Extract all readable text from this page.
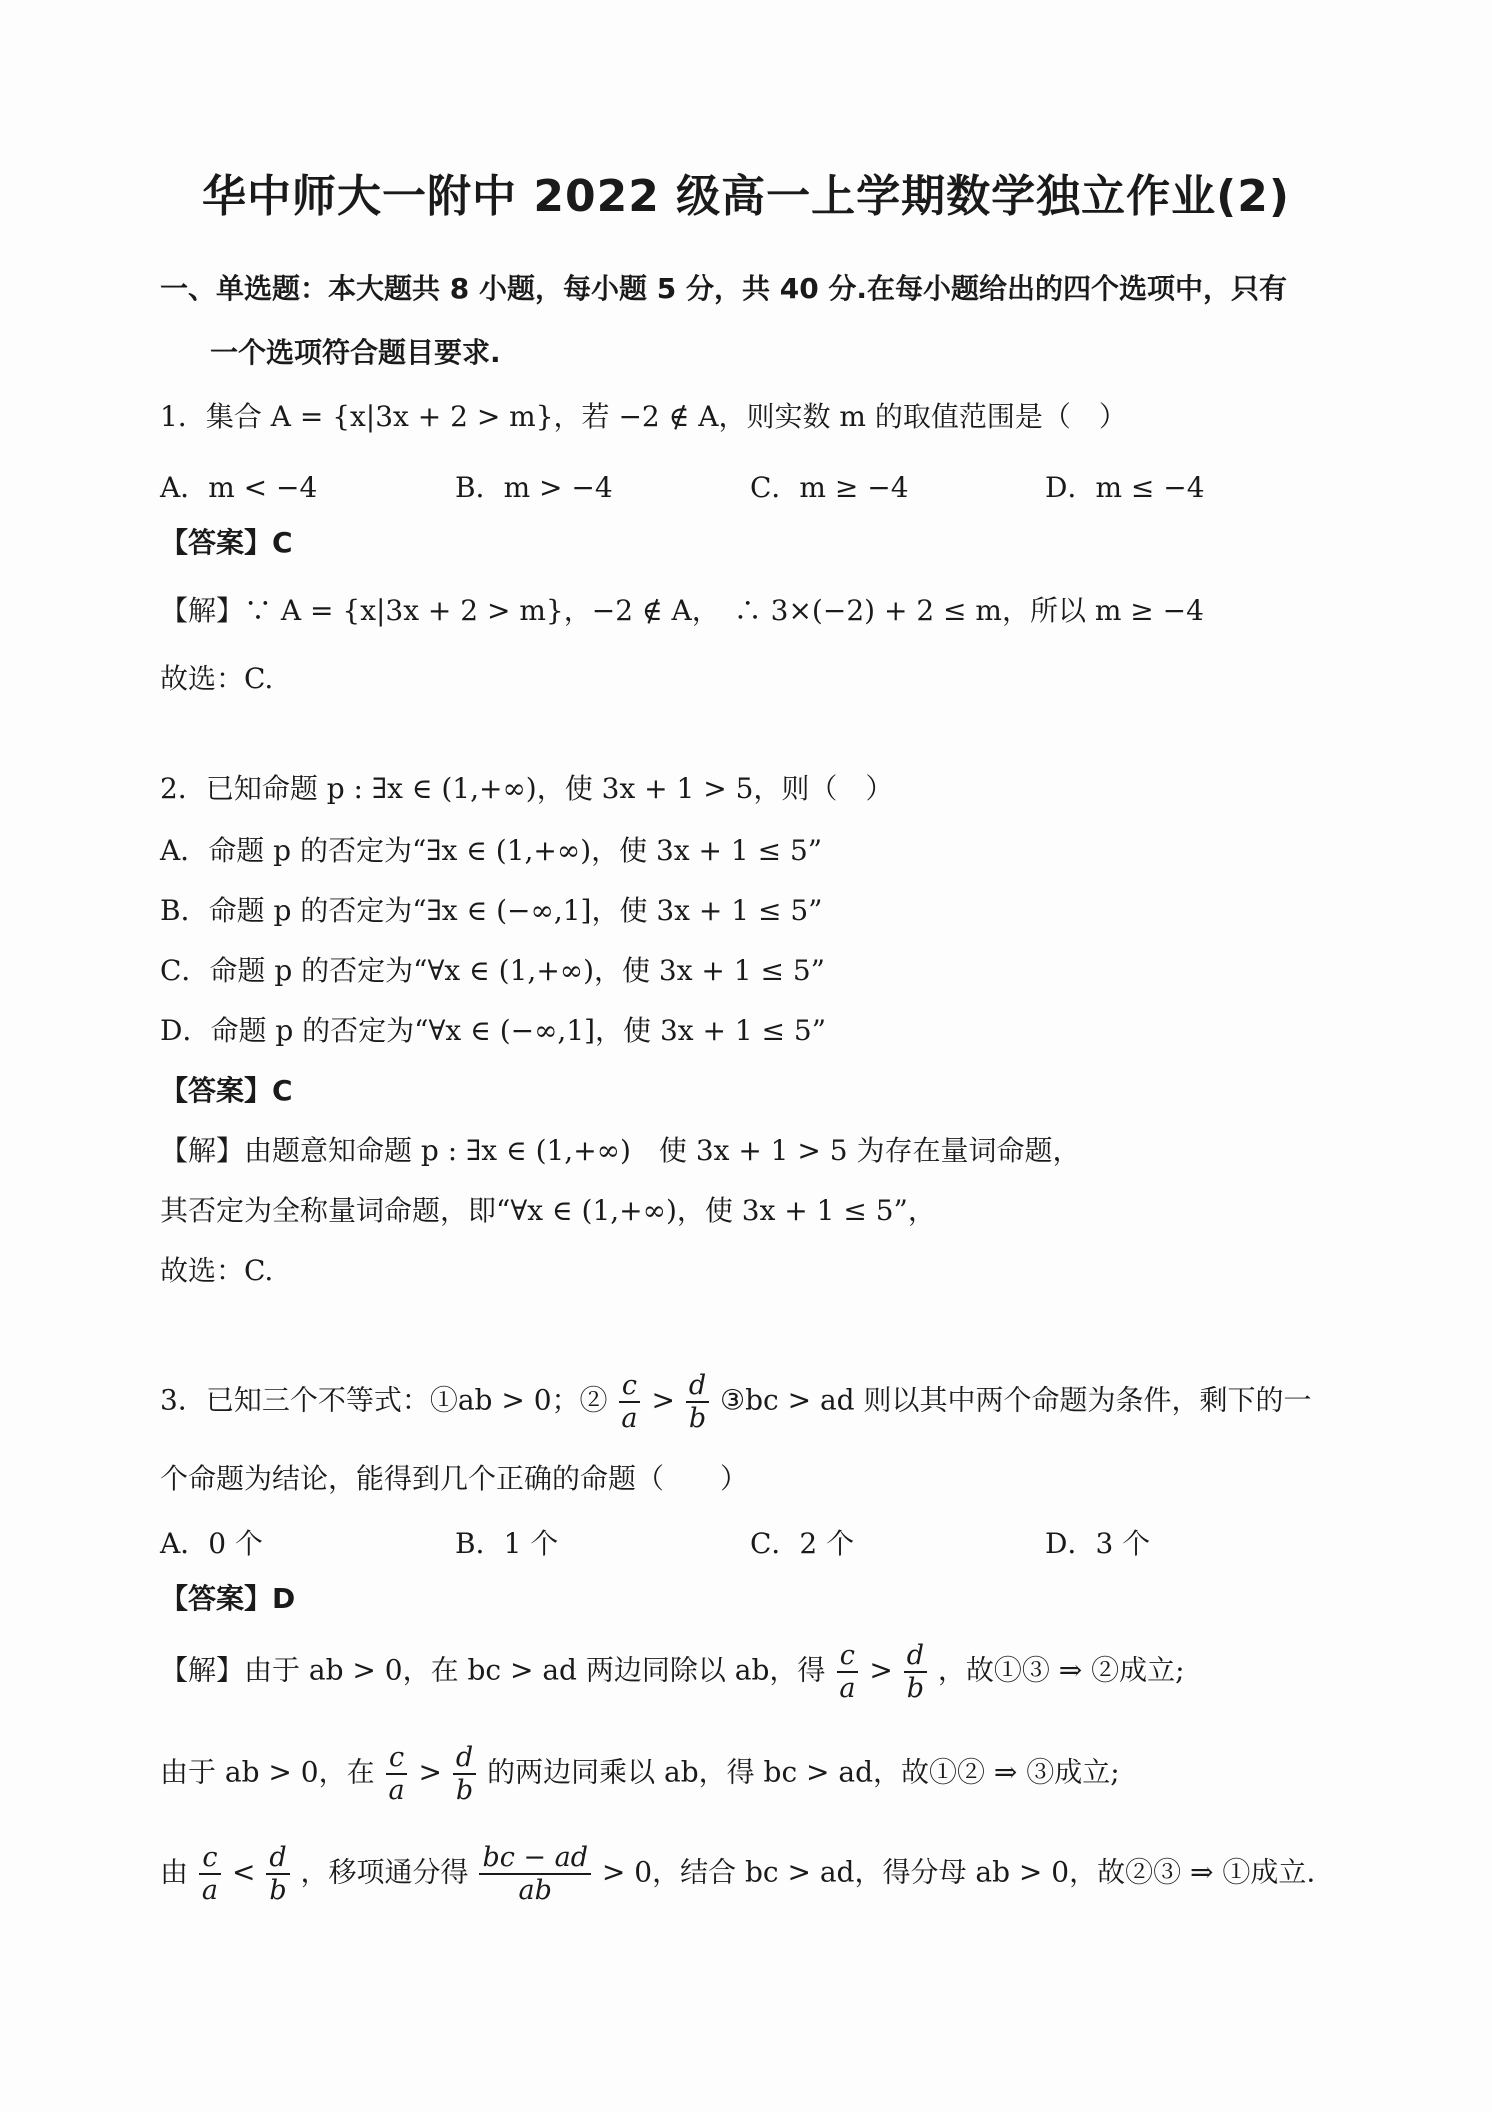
华中师大一附中 2022 级高一上学期数学独立作业(2)
一、单选题：本大题共 8 小题，每小题 5 分，共 40 分.在每小题给出的四个选项中，只有
一个选项符合题目要求.
1．集合 A = {x|3x + 2 > m}，若 −2 ∉ A，则实数 m 的取值范围是（　）
A．m < −4	B．m > −4	C．m ≥ −4	D．m ≤ −4
【答案】C
【解】∵ A = {x|3x + 2 > m}，−2 ∉ A，　∴ 3×(−2) + 2 ≤ m，所以 m ≥ −4
故选：C.
2．已知命题 p : ∃x ∈ (1,+∞)，使 3x + 1 > 5，则（　）
A．命题 p 的否定为“∃x ∈ (1,+∞)，使 3x + 1 ≤ 5”
B．命题 p 的否定为“∃x ∈ (−∞,1]，使 3x + 1 ≤ 5”
C．命题 p 的否定为“∀x ∈ (1,+∞)，使 3x + 1 ≤ 5”
D．命题 p 的否定为“∀x ∈ (−∞,1]，使 3x + 1 ≤ 5”
【答案】C
【解】由题意知命题 p : ∃x ∈ (1,+∞)　使 3x + 1 > 5 为存在量词命题，
其否定为全称量词命题，即“∀x ∈ (1,+∞)，使 3x + 1 ≤ 5”，
故选：C.
3．已知三个不等式：①ab > 0；② $\frac{c}{a} > \frac{d}{b}$ ③bc > ad 则以其中两个命题为条件，剩下的一
个命题为结论，能得到几个正确的命题（　　）
A．0 个	B．1 个	C．2 个	D．3 个
【答案】D
【解】由于 ab > 0，在 bc > ad 两边同除以 ab，得 $\frac{c}{a} > \frac{d}{b}$ ，故①③ ⇒ ②成立;
由于 ab > 0，在 $\frac{c}{a} > \frac{d}{b}$ 的两边同乘以 ab，得 bc > ad，故①② ⇒ ③成立;
由 $\frac{c}{a} < \frac{d}{b}$ ，移项通分得 $\frac{bc - ad}{ab} > 0$，结合 bc > ad，得分母 ab > 0，故②③ ⇒ ①成立.
